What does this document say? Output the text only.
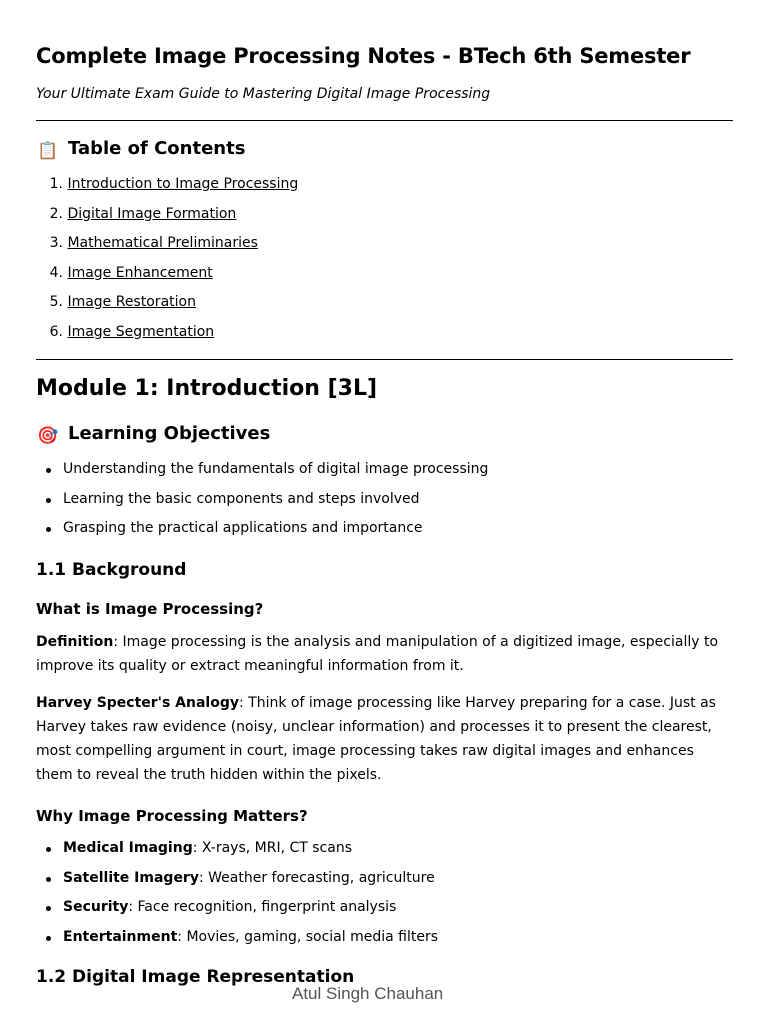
Complete Image Processing Notes - BTech 6th Semester

Your Ultimate Exam Guide to Mastering Digital Image Processing

📋 Table of Contents
1. Introduction to Image Processing
2. Digital Image Formation
3. Mathematical Preliminaries
4. Image Enhancement
5. Image Restoration
6. Image Segmentation
Module 1: Introduction [3L]
🎯 Learning Objectives
Understanding the fundamentals of digital image processing
Learning the basic components and steps involved
Grasping the practical applications and importance
1.1 Background
What is Image Processing?

Definition: Image processing is the analysis and manipulation of a digitized image, especially to improve its quality or extract meaningful information from it.

Harvey Specter's Analogy: Think of image processing like Harvey preparing for a case. Just as Harvey takes raw evidence (noisy, unclear information) and processes it to present the clearest, most compelling argument in court, image processing takes raw digital images and enhances them to reveal the truth hidden within the pixels.

Why Image Processing Matters?
Medical Imaging: X-rays, MRI, CT scans
Satellite Imagery: Weather forecasting, agriculture
Security: Face recognition, fingerprint analysis
Entertainment: Movies, gaming, social media filters
1.2 Digital Image Representation

Atul Singh Chauhan
